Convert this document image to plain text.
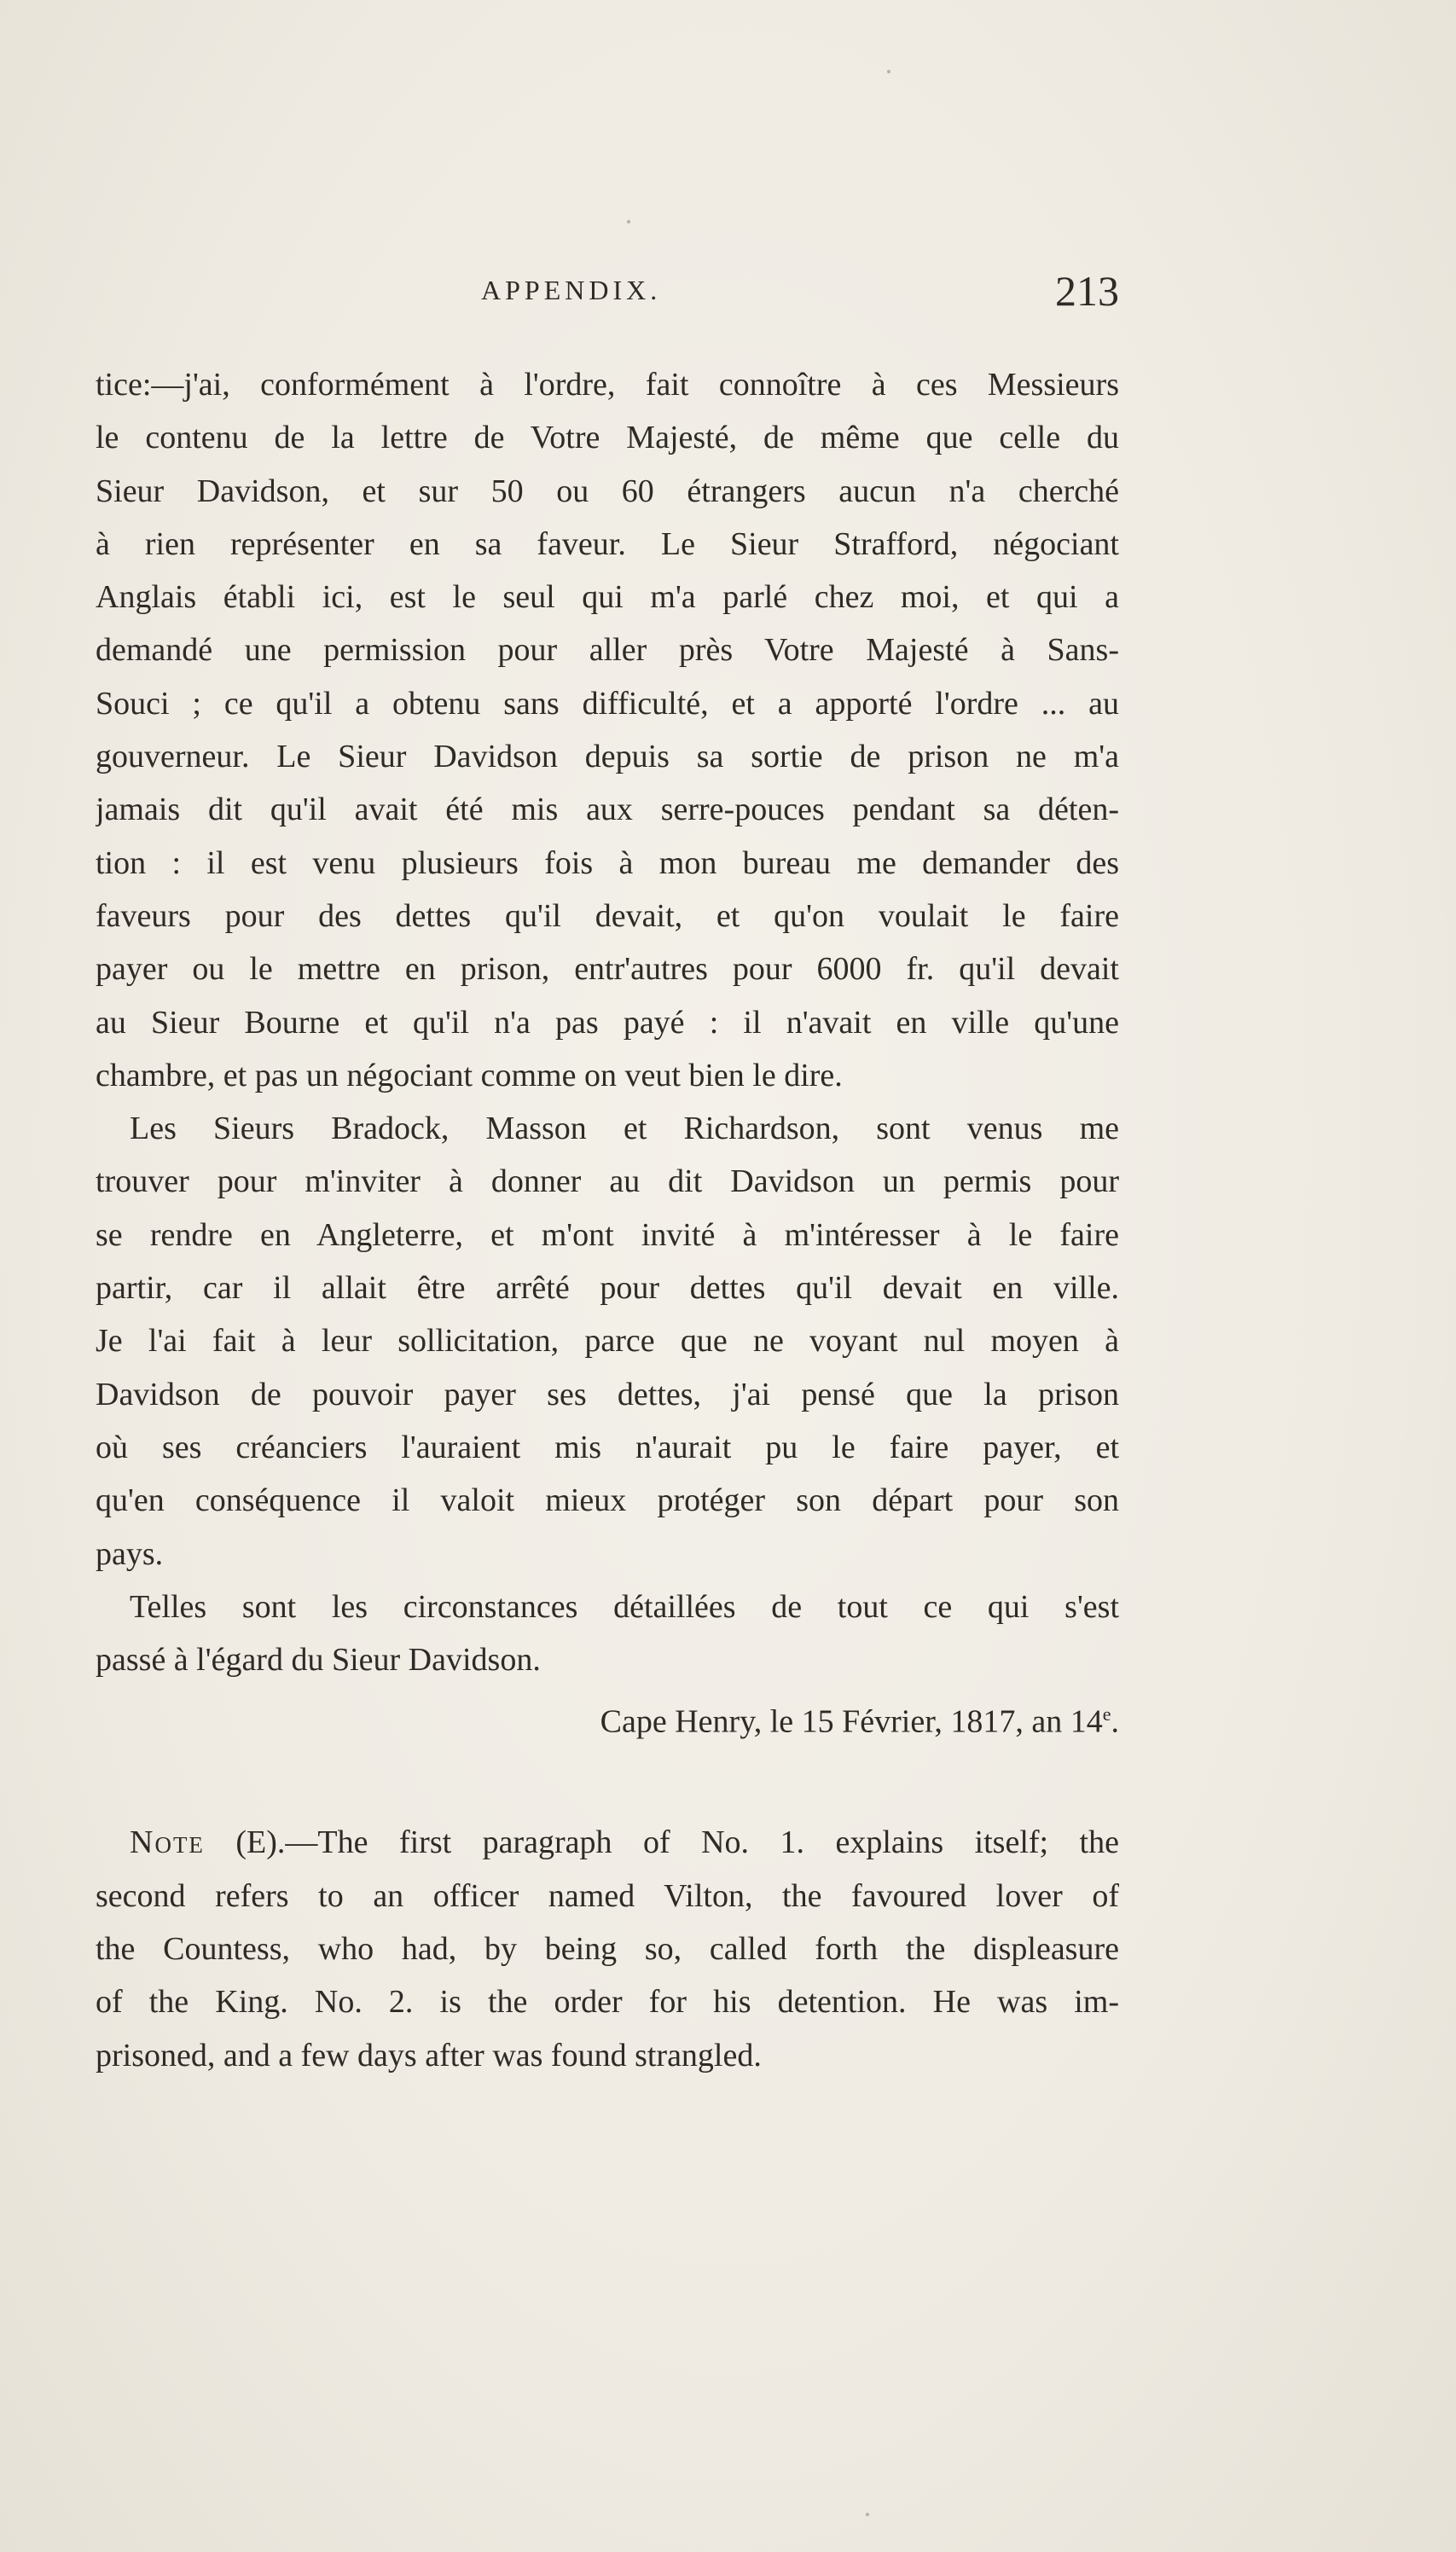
APPENDIX.	213
tice:—j'ai, conformément à l'ordre, fait connoître à ces Messieurs
le contenu de la lettre de Votre Majesté, de même que celle du
Sieur Davidson, et sur 50 ou 60 étrangers aucun n'a cherché
à rien représenter en sa faveur. Le Sieur Strafford, négociant
Anglais établi ici, est le seul qui m'a parlé chez moi, et qui a
demandé une permission pour aller près Votre Majesté à Sans-
Souci ; ce qu'il a obtenu sans difficulté, et a apporté l'ordre ... au
gouverneur. Le Sieur Davidson depuis sa sortie de prison ne m'a
jamais dit qu'il avait été mis aux serre-pouces pendant sa déten-
tion : il est venu plusieurs fois à mon bureau me demander des
faveurs pour des dettes qu'il devait, et qu'on voulait le faire
payer ou le mettre en prison, entr'autres pour 6000 fr. qu'il devait
au Sieur Bourne et qu'il n'a pas payé : il n'avait en ville qu'une
chambre, et pas un négociant comme on veut bien le dire.
Les Sieurs Bradock, Masson et Richardson, sont venus me
trouver pour m'inviter à donner au dit Davidson un permis pour
se rendre en Angleterre, et m'ont invité à m'intéresser à le faire
partir, car il allait être arrêté pour dettes qu'il devait en ville.
Je l'ai fait à leur sollicitation, parce que ne voyant nul moyen à
Davidson de pouvoir payer ses dettes, j'ai pensé que la prison
où ses créanciers l'auraient mis n'aurait pu le faire payer, et
qu'en conséquence il valoit mieux protéger son départ pour son
pays.
Telles sont les circonstances détaillées de tout ce qui s'est
passé à l'égard du Sieur Davidson.
Cape Henry, le 15 Février, 1817, an 14e.
Note (E).—The first paragraph of No. 1. explains itself; the
second refers to an officer named Vilton, the favoured lover of
the Countess, who had, by being so, called forth the displeasure
of the King. No. 2. is the order for his detention. He was im-
prisoned, and a few days after was found strangled.
